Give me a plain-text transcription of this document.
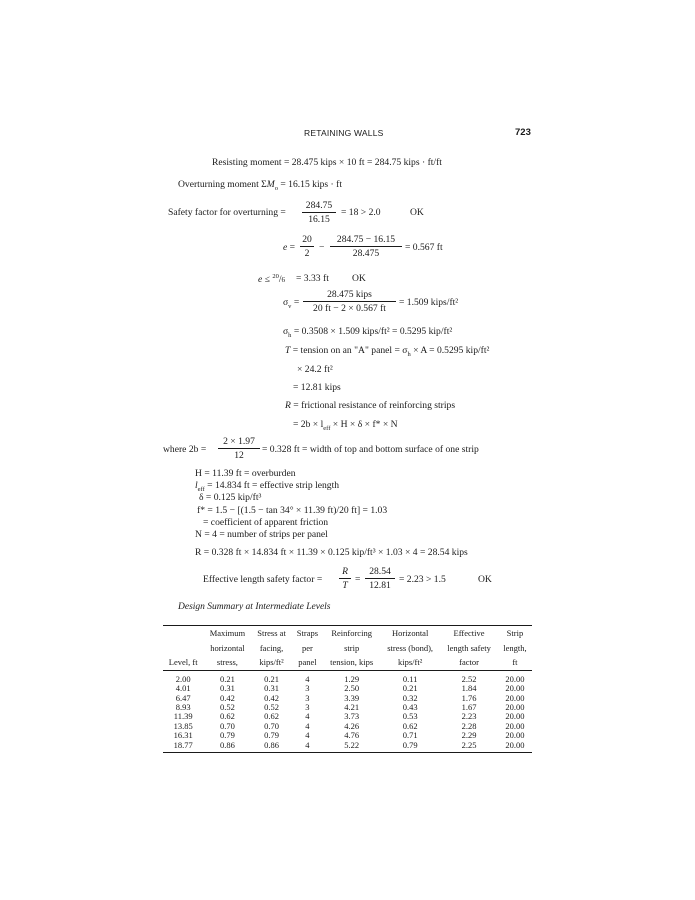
RETAINING WALLS	723
Resisting moment = 28.475 kips × 10 ft = 284.75 kips · ft/ft
Overturning moment $\Sigma M_o = 16.15$ kips · ft
Safety factor for overturning = $\frac{284.75}{16.15} = 18 > 2.0$	OK
$e = \frac{20}{2} - \frac{284.75 - 16.15}{28.475} = 0.567$ ft
e ≤ $^{20}$/6 = 3.33 ft OK
$\sigma_v$ =
28.475 kips
20 ft − 2 × 0.567 ft
= 1.509 kips/ft²
$\sigma_h = 0.3508 \times 1.509$ kips/ft² = 0.5295 kip/ft²
T = tension on an "A" panel = $\sigma_h \times A = 0.5295$ kip/ft²
× 24.2 ft²
= 12.81 kips
R = frictional resistance of reinforcing strips
= $2b \times l_{eff} \times H \times \delta \times f* \times N$
where $2b = \frac{2 \times 1.97}{12} = 0.328$ ft = width of top and bottom surface of one strip
H = 11.39 ft = overburden
$l_{eff} = 14.834$ ft = effective strip length
δ = 0.125 kip/ft³
f* = 1.5 − [(1.5 − tan 34° × 11.39 ft)/20 ft] = 1.03
= coefficient of apparent friction
N = 4 = number of strips per panel
R = 0.328 ft × 14.834 ft × 11.39 × 0.125 kip/ft³ × 1.03 × 4 = 28.54 kips
Effective length safety factor = $\frac{R}{T} = \frac{28.54}{12.81} = 2.23 > 1.5$	OK
Design Summary at Intermediate Levels
	Maximum	Stress at	Straps	Reinforcing	Horizontal	Effective	Strip
	horizontal	facing,	per	strip	stress (bond),	length safety	length,
Level, ft	stress,	kips/ft²	panel	tension, kips	kips/ft²	factor	ft
2.00	0.21	0.21	4	1.29	0.11	2.52	20.00
4.01	0.31	0.31	3	2.50	0.21	1.84	20.00
6.47	0.42	0.42	3	3.39	0.32	1.76	20.00
8.93	0.52	0.52	3	4.21	0.43	1.67	20.00
11.39	0.62	0.62	4	3.73	0.53	2.23	20.00
13.85	0.70	0.70	4	4.26	0.62	2.28	20.00
16.31	0.79	0.79	4	4.76	0.71	2.29	20.00
18.77	0.86	0.86	4	5.22	0.79	2.25	20.00
